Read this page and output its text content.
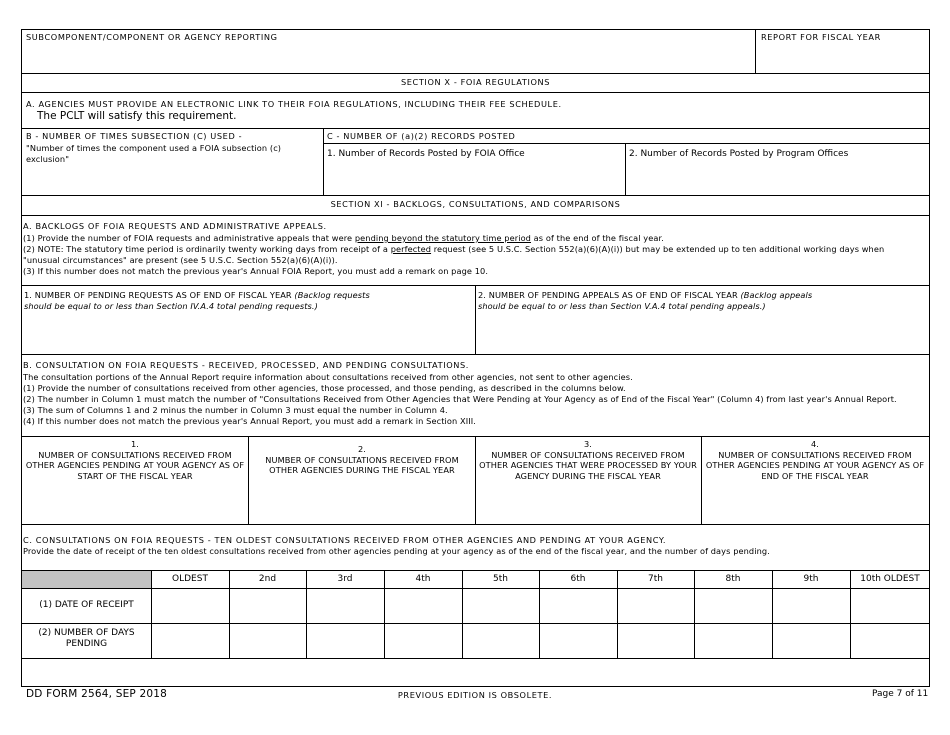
SUBCOMPONENT/COMPONENT OR AGENCY REPORTING	REPORT FOR FISCAL YEAR
SECTION X - FOIA REGULATIONS
A. AGENCIES MUST PROVIDE AN ELECTRONIC LINK TO THEIR FOIA REGULATIONS, INCLUDING THEIR FEE SCHEDULE.
The PCLT will satisfy this requirement.
B - NUMBER OF TIMES SUBSECTION (C) USED -
"Number of times the component used a FOIA subsection (c) exclusion"
C - NUMBER OF (a)(2) RECORDS POSTED
1. Number of Records Posted by FOIA Office	2. Number of Records Posted by Program Offices
SECTION XI - BACKLOGS, CONSULTATIONS, AND COMPARISONS
A. BACKLOGS OF FOIA REQUESTS AND ADMINISTRATIVE APPEALS.
(1) Provide the number of FOIA requests and administrative appeals that were pending beyond the statutory time period as of the end of the fiscal year.
(2) NOTE: The statutory time period is ordinarily twenty working days from receipt of a perfected request (see 5 U.S.C. Section 552(a)(6)(A)(i)) but may be extended up to ten additional working days when
"unusual circumstances" are present (see 5 U.S.C. Section 552(a)(6)(A)(i)).
(3) If this number does not match the previous year's Annual FOIA Report, you must add a remark on page 10.
1. NUMBER OF PENDING REQUESTS AS OF END OF FISCAL YEAR (Backlog requests
should be equal to or less than Section IV.A.4 total pending requests.)
2. NUMBER OF PENDING APPEALS AS OF END OF FISCAL YEAR (Backlog appeals
should be equal to or less than Section V.A.4 total pending appeals.)
B. CONSULTATION ON FOIA REQUESTS - RECEIVED, PROCESSED, AND PENDING CONSULTATIONS.
The consultation portions of the Annual Report require information about consultations received from other agencies, not sent to other agencies.
(1) Provide the number of consultations received from other agencies, those processed, and those pending, as described in the columns below.
(2) The number in Column 1 must match the number of "Consultations Received from Other Agencies that Were Pending at Your Agency as of End of the Fiscal Year" (Column 4) from last year's Annual Report.
(3) The sum of Columns 1 and 2 minus the number in Column 3 must equal the number in Column 4.
(4) If this number does not match the previous year's Annual Report, you must add a remark in Section XIII.
1.
NUMBER OF CONSULTATIONS RECEIVED FROM OTHER AGENCIES PENDING AT YOUR AGENCY AS OF START OF THE FISCAL YEAR
2.
NUMBER OF CONSULTATIONS RECEIVED FROM OTHER AGENCIES DURING THE FISCAL YEAR
3.
NUMBER OF CONSULTATIONS RECEIVED FROM OTHER AGENCIES THAT WERE PROCESSED BY YOUR AGENCY DURING THE FISCAL YEAR
4.
NUMBER OF CONSULTATIONS RECEIVED FROM OTHER AGENCIES PENDING AT YOUR AGENCY AS OF END OF THE FISCAL YEAR
C. CONSULTATIONS ON FOIA REQUESTS - TEN OLDEST CONSULTATIONS RECEIVED FROM OTHER AGENCIES AND PENDING AT YOUR AGENCY.
Provide the date of receipt of the ten oldest consultations received from other agencies pending at your agency as of the end of the fiscal year, and the number of days pending.
OLDEST	2nd	3rd	4th	5th	6th	7th	8th	9th	10th OLDEST
(1) DATE OF RECEIPT
(2) NUMBER OF DAYS
PENDING
DD FORM 2564, SEP 2018	PREVIOUS EDITION IS OBSOLETE.	Page 7 of 11
